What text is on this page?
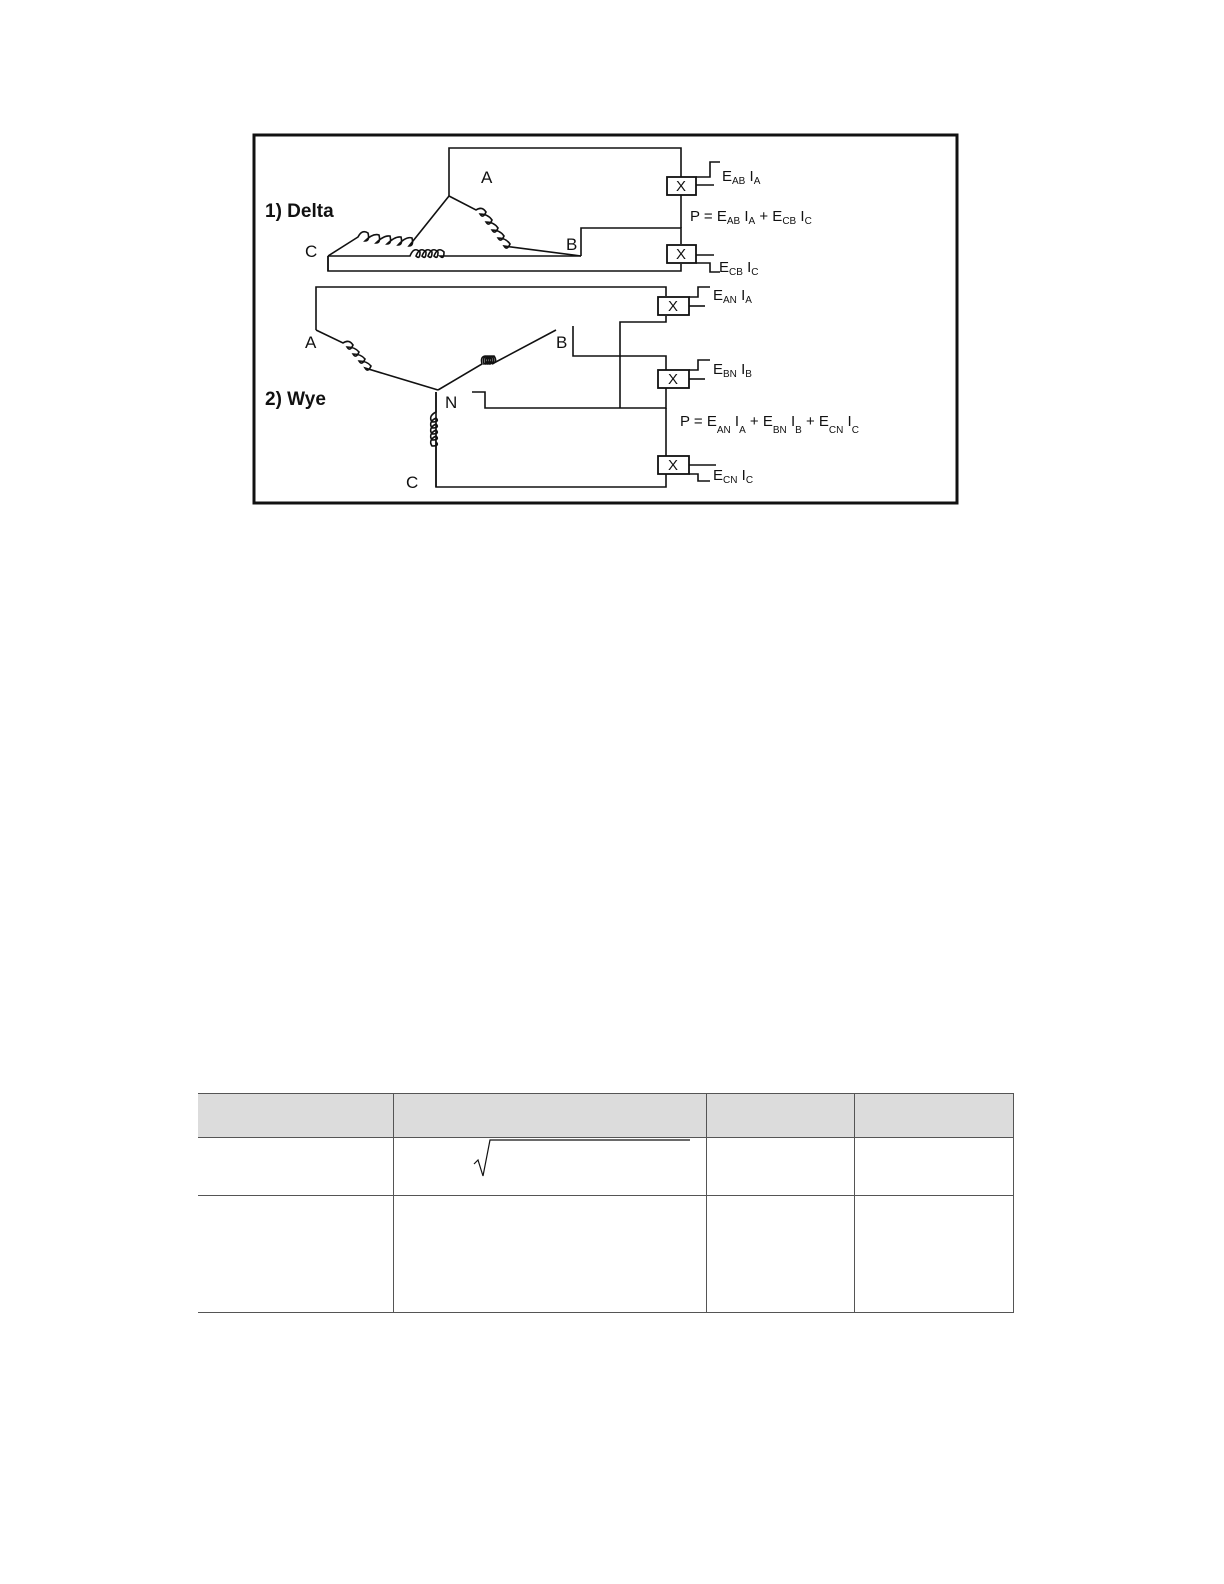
1) Delta
A
B
C
X
X
$E_{AB}$ $I_A$
$E_{CB}$ $I_C$
$P = E_{AB}$ $I_A + E_{CB}$ $I_C$
2) Wye
A	B
C
N
X
X
X
$E_{AN}$ $I_A$
$E_{BN}$ $I_B$
$E_{CN}$ $I_C$
$P = E_{AN}$ $I_A + E_{BN}$ $I_B + E_{CN}$ $I_C$
